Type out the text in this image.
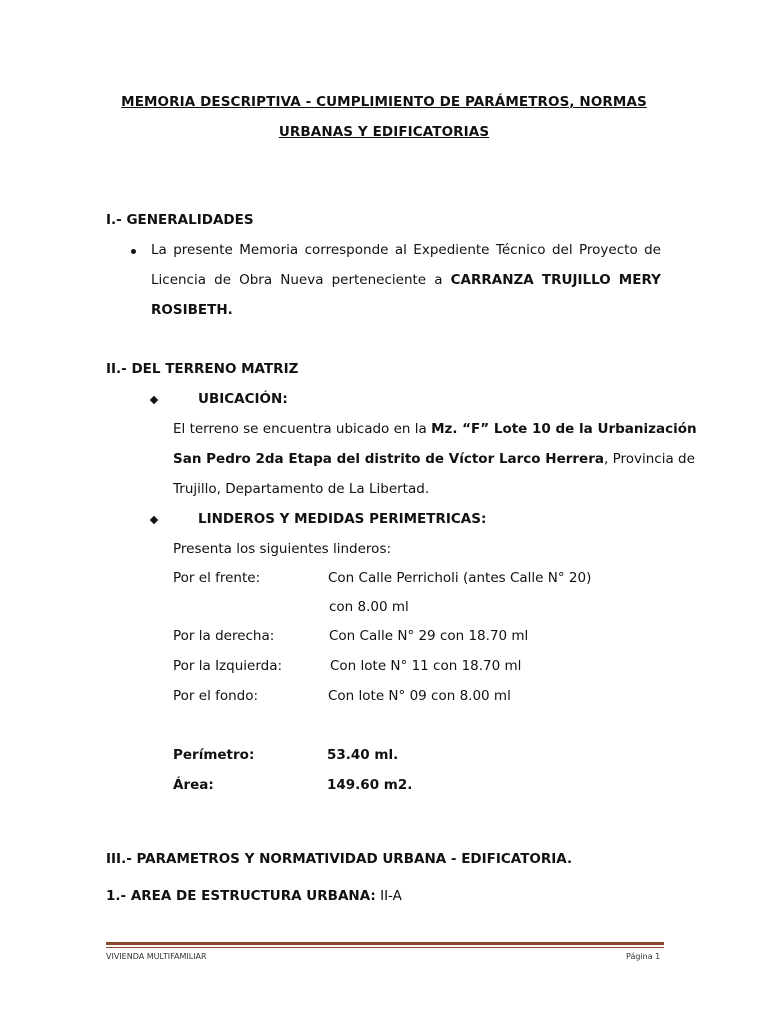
MEMORIA DESCRIPTIVA - CUMPLIMIENTO DE PARÁMETROS, NORMAS
URBANAS Y EDIFICATORIAS
I.- GENERALIDADES
La presente Memoria corresponde al Expediente Técnico del Proyecto de
Licencia de Obra Nueva perteneciente a CARRANZA TRUJILLO MERY
ROSIBETH.
II.- DEL TERRENO MATRIZ
UBICACIÓN:
El terreno se encuentra ubicado en la Mz. “F” Lote 10 de la Urbanización
San Pedro 2da Etapa del distrito de Víctor Larco Herrera, Provincia de
Trujillo, Departamento de La Libertad.
LINDEROS Y MEDIDAS PERIMETRICAS:
Presenta los siguientes linderos:
Por el frente:	Con Calle Perricholi (antes Calle N° 20)
con 8.00 ml
Por la derecha:	Con Calle N° 29 con 18.70 ml
Por la Izquierda:	Con lote N° 11 con 18.70 ml
Por el fondo:	Con lote N° 09 con 8.00 ml
Perímetro:	53.40 ml.
Área:	149.60 m2.
III.- PARAMETROS Y NORMATIVIDAD URBANA - EDIFICATORIA.
1.- AREA DE ESTRUCTURA URBANA: II-A
VIVIENDA MULTIFAMILIAR	Página 1
